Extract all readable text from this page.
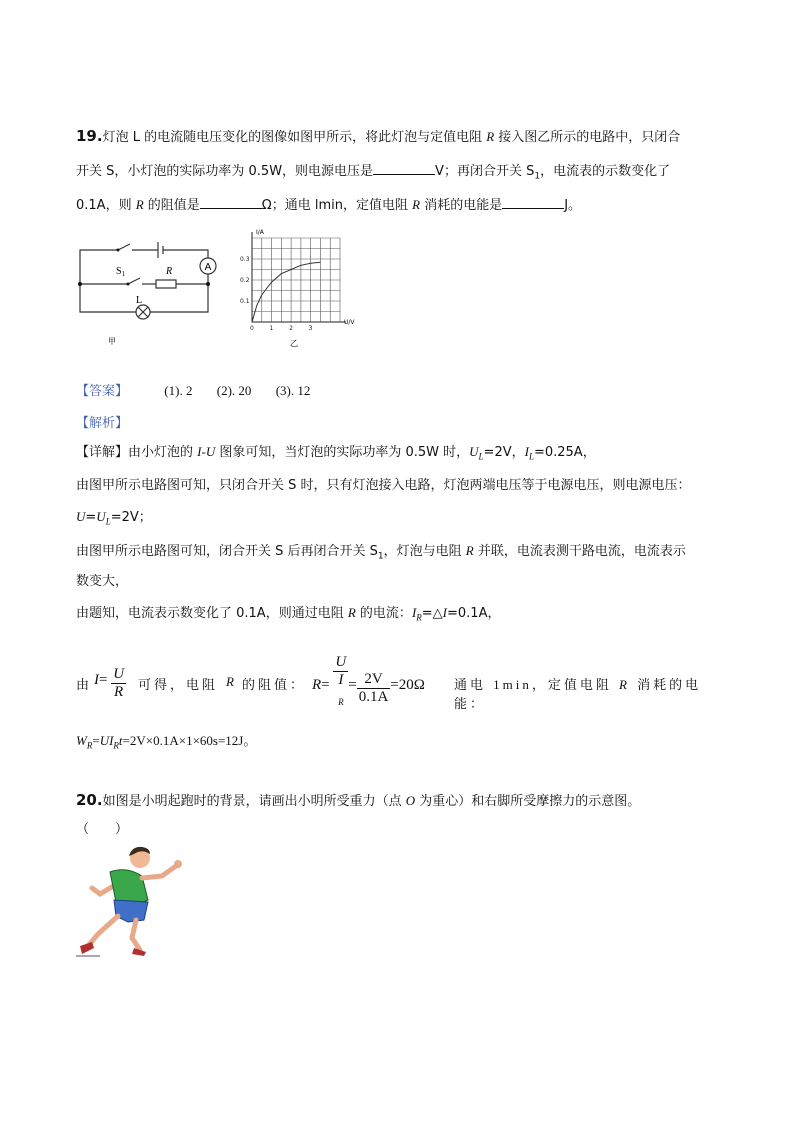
19.灯泡 L 的电流随电压变化的图像如图甲所示，将此灯泡与定值电阻 R 接入图乙所示的电路中，只闭合
开关 S，小灯泡的实际功率为 0.5W，则电源电压是	V；再闭合开关 $S_1$，电流表的示数变化了
0.1A，则 R 的阻值是	Ω；通电 lmin，定值电阻 R 消耗的电能是	J。
A
$S_1$	R
L
甲
0
0.1
0.2
0.3
1	2	3
I/A
U/V
乙
【答案】	(1). 2 (2). 20 (3). 12
【解析】
【详解】由小灯泡的 I-U 图象可知，当灯泡的实际功率为 0.5W 时，$U_L=2V$，$I_L=0.25A$，
由图甲所示电路图可知，只闭合开关 S 时，只有灯泡接入电路，灯泡两端电压等于电源电压，则电源电压：
$U=U_L=2V$；
由图甲所示电路图可知，闭合开关 S 后再闭合开关 $S_1$，灯泡与电阻 R 并联，电流表测干路电流，电流表示
数变大，
由题知，电流表示数变化了 0.1A，则通过电阻 R 的电流：$I_R=\triangle I=0.1A$，
由 $I= \frac{U}{R}$ 可得，电阻 R 的阻值： R= U
I
$_R = \frac{2V}{0.1A} =20\Omega$ 通电 1min，定值电阻 R 消耗的电能：
$W_R=UI_Rt=2V\times 0.1A\times 1\times 60s=12J$。
20.如图是小明起跑时的背景，请画出小明所受重力（点 O 为重心）和右脚所受摩擦力的示意图。
（　　）
